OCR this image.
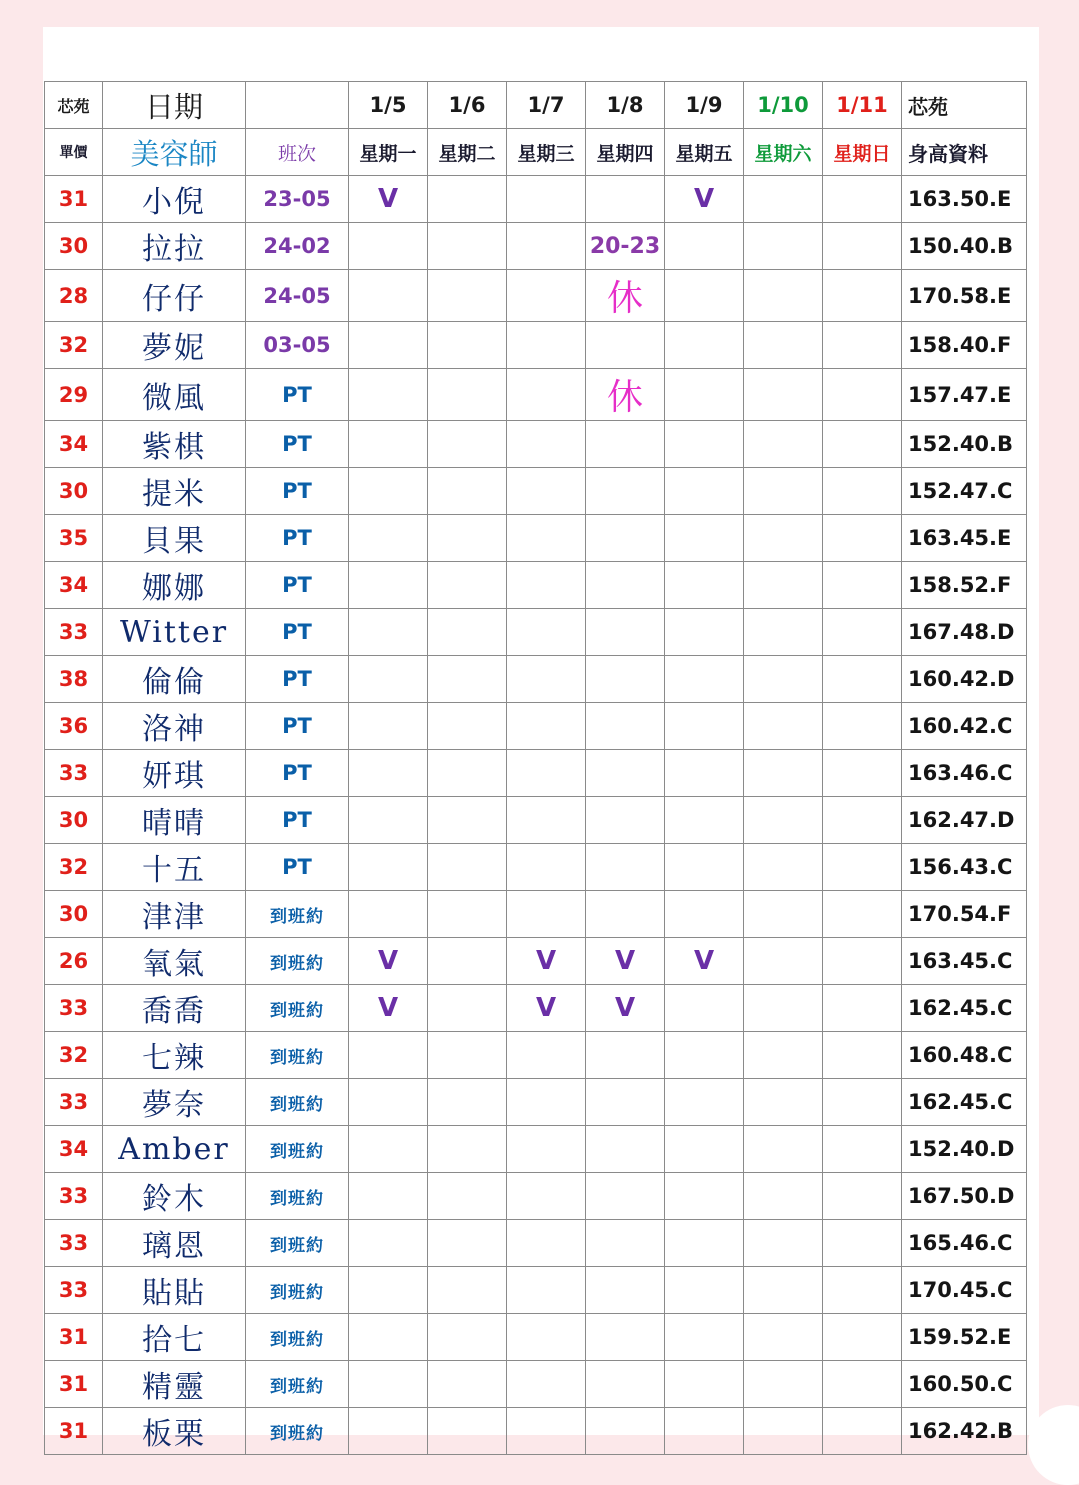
芯苑	日期		1/5	1/6	1/7	1/8	1/9	1/10	1/11	芯苑
單價	美容師	班次	星期一	星期二	星期三	星期四	星期五	星期六	星期日	身高資料
31	小倪	23-05	V				V			163.50.E
30	拉拉	24-02				20-23				150.40.B
28	仔仔	24-05				休				170.58.E
32	夢妮	03-05								158.40.F
29	微風	PT				休				157.47.E
34	紫棋	PT								152.40.B
30	提米	PT								152.47.C
35	貝果	PT								163.45.E
34	娜娜	PT								158.52.F
33	Witter	PT								167.48.D
38	倫倫	PT								160.42.D
36	洛神	PT								160.42.C
33	妍琪	PT								163.46.C
30	晴晴	PT								162.47.D
32	十五	PT								156.43.C
30	津津	到班約								170.54.F
26	氧氣	到班約	V		V	V	V			163.45.C
33	喬喬	到班約	V		V	V				162.45.C
32	七辣	到班約								160.48.C
33	夢奈	到班約								162.45.C
34	Amber	到班約								152.40.D
33	鈴木	到班約								167.50.D
33	璃恩	到班約								165.46.C
33	貼貼	到班約								170.45.C
31	拾七	到班約								159.52.E
31	精靈	到班約								160.50.C
31	板栗	到班約								162.42.B
